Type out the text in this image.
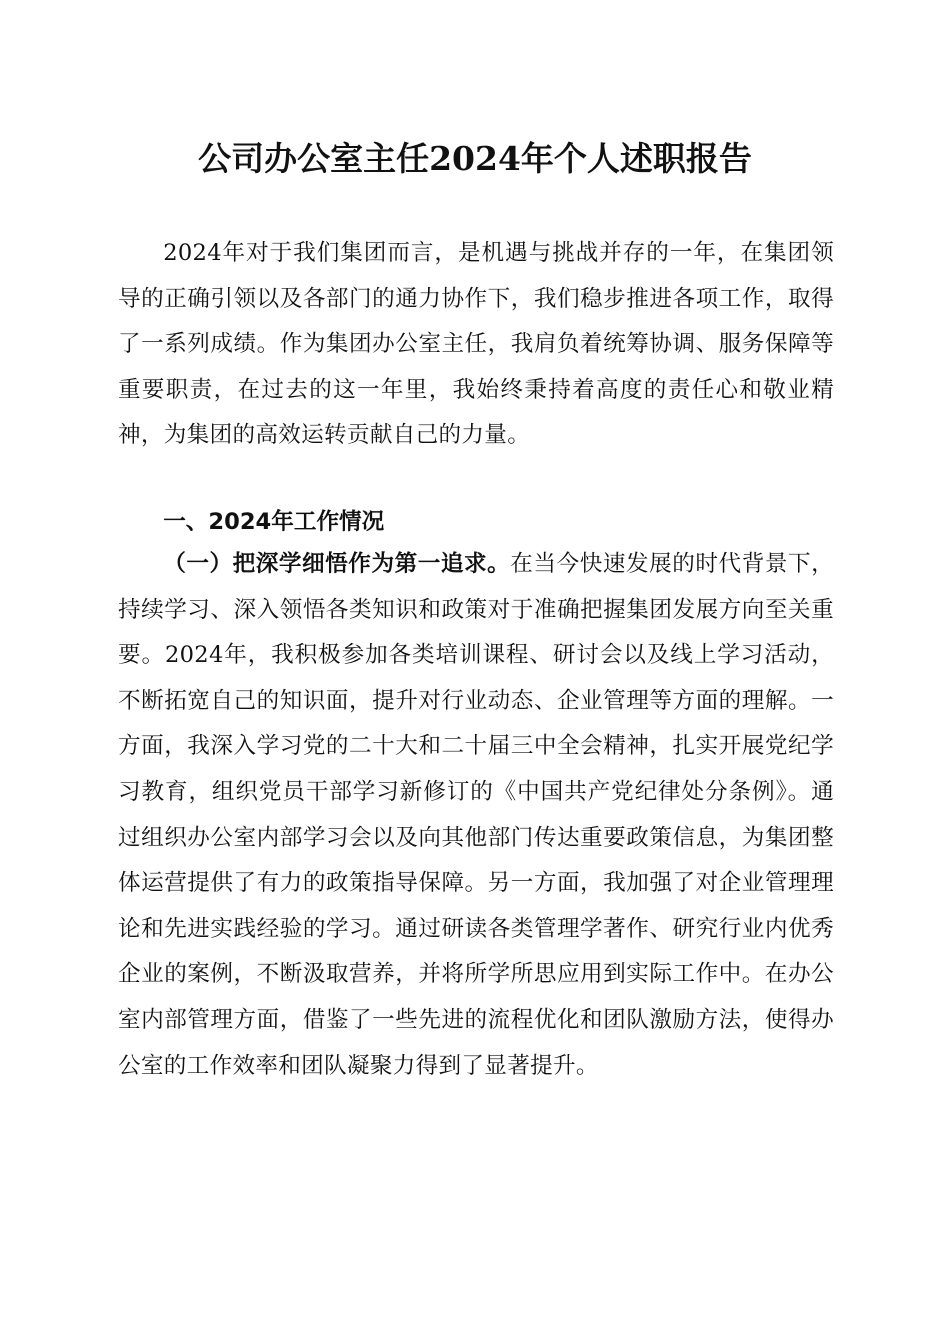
公司办公室主任2024年个人述职报告

2024年对于我们集团而言，是机遇与挑战并存的一年，在集团领导的正确引领以及各部门的通力协作下，我们稳步推进各项工作，取得了一系列成绩。作为集团办公室主任，我肩负着统筹协调、服务保障等重要职责，在过去的这一年里，我始终秉持着高度的责任心和敬业精神，为集团的高效运转贡献自己的力量。

一、2024年工作情况

（一）把深学细悟作为第一追求。在当今快速发展的时代背景下，持续学习、深入领悟各类知识和政策对于准确把握集团发展方向至关重要。2024年，我积极参加各类培训课程、研讨会以及线上学习活动，不断拓宽自己的知识面，提升对行业动态、企业管理等方面的理解。一方面，我深入学习党的二十大和二十届三中全会精神，扎实开展党纪学习教育，组织党员干部学习新修订的《中国共产党纪律处分条例》。通过组织办公室内部学习会以及向其他部门传达重要政策信息，为集团整体运营提供了有力的政策指导保障。另一方面，我加强了对企业管理理论和先进实践经验的学习。通过研读各类管理学著作、研究行业内优秀企业的案例，不断汲取营养，并将所学所思应用到实际工作中。在办公室内部管理方面，借鉴了一些先进的流程优化和团队激励方法，使得办公室的工作效率和团队凝聚力得到了显著提升。
